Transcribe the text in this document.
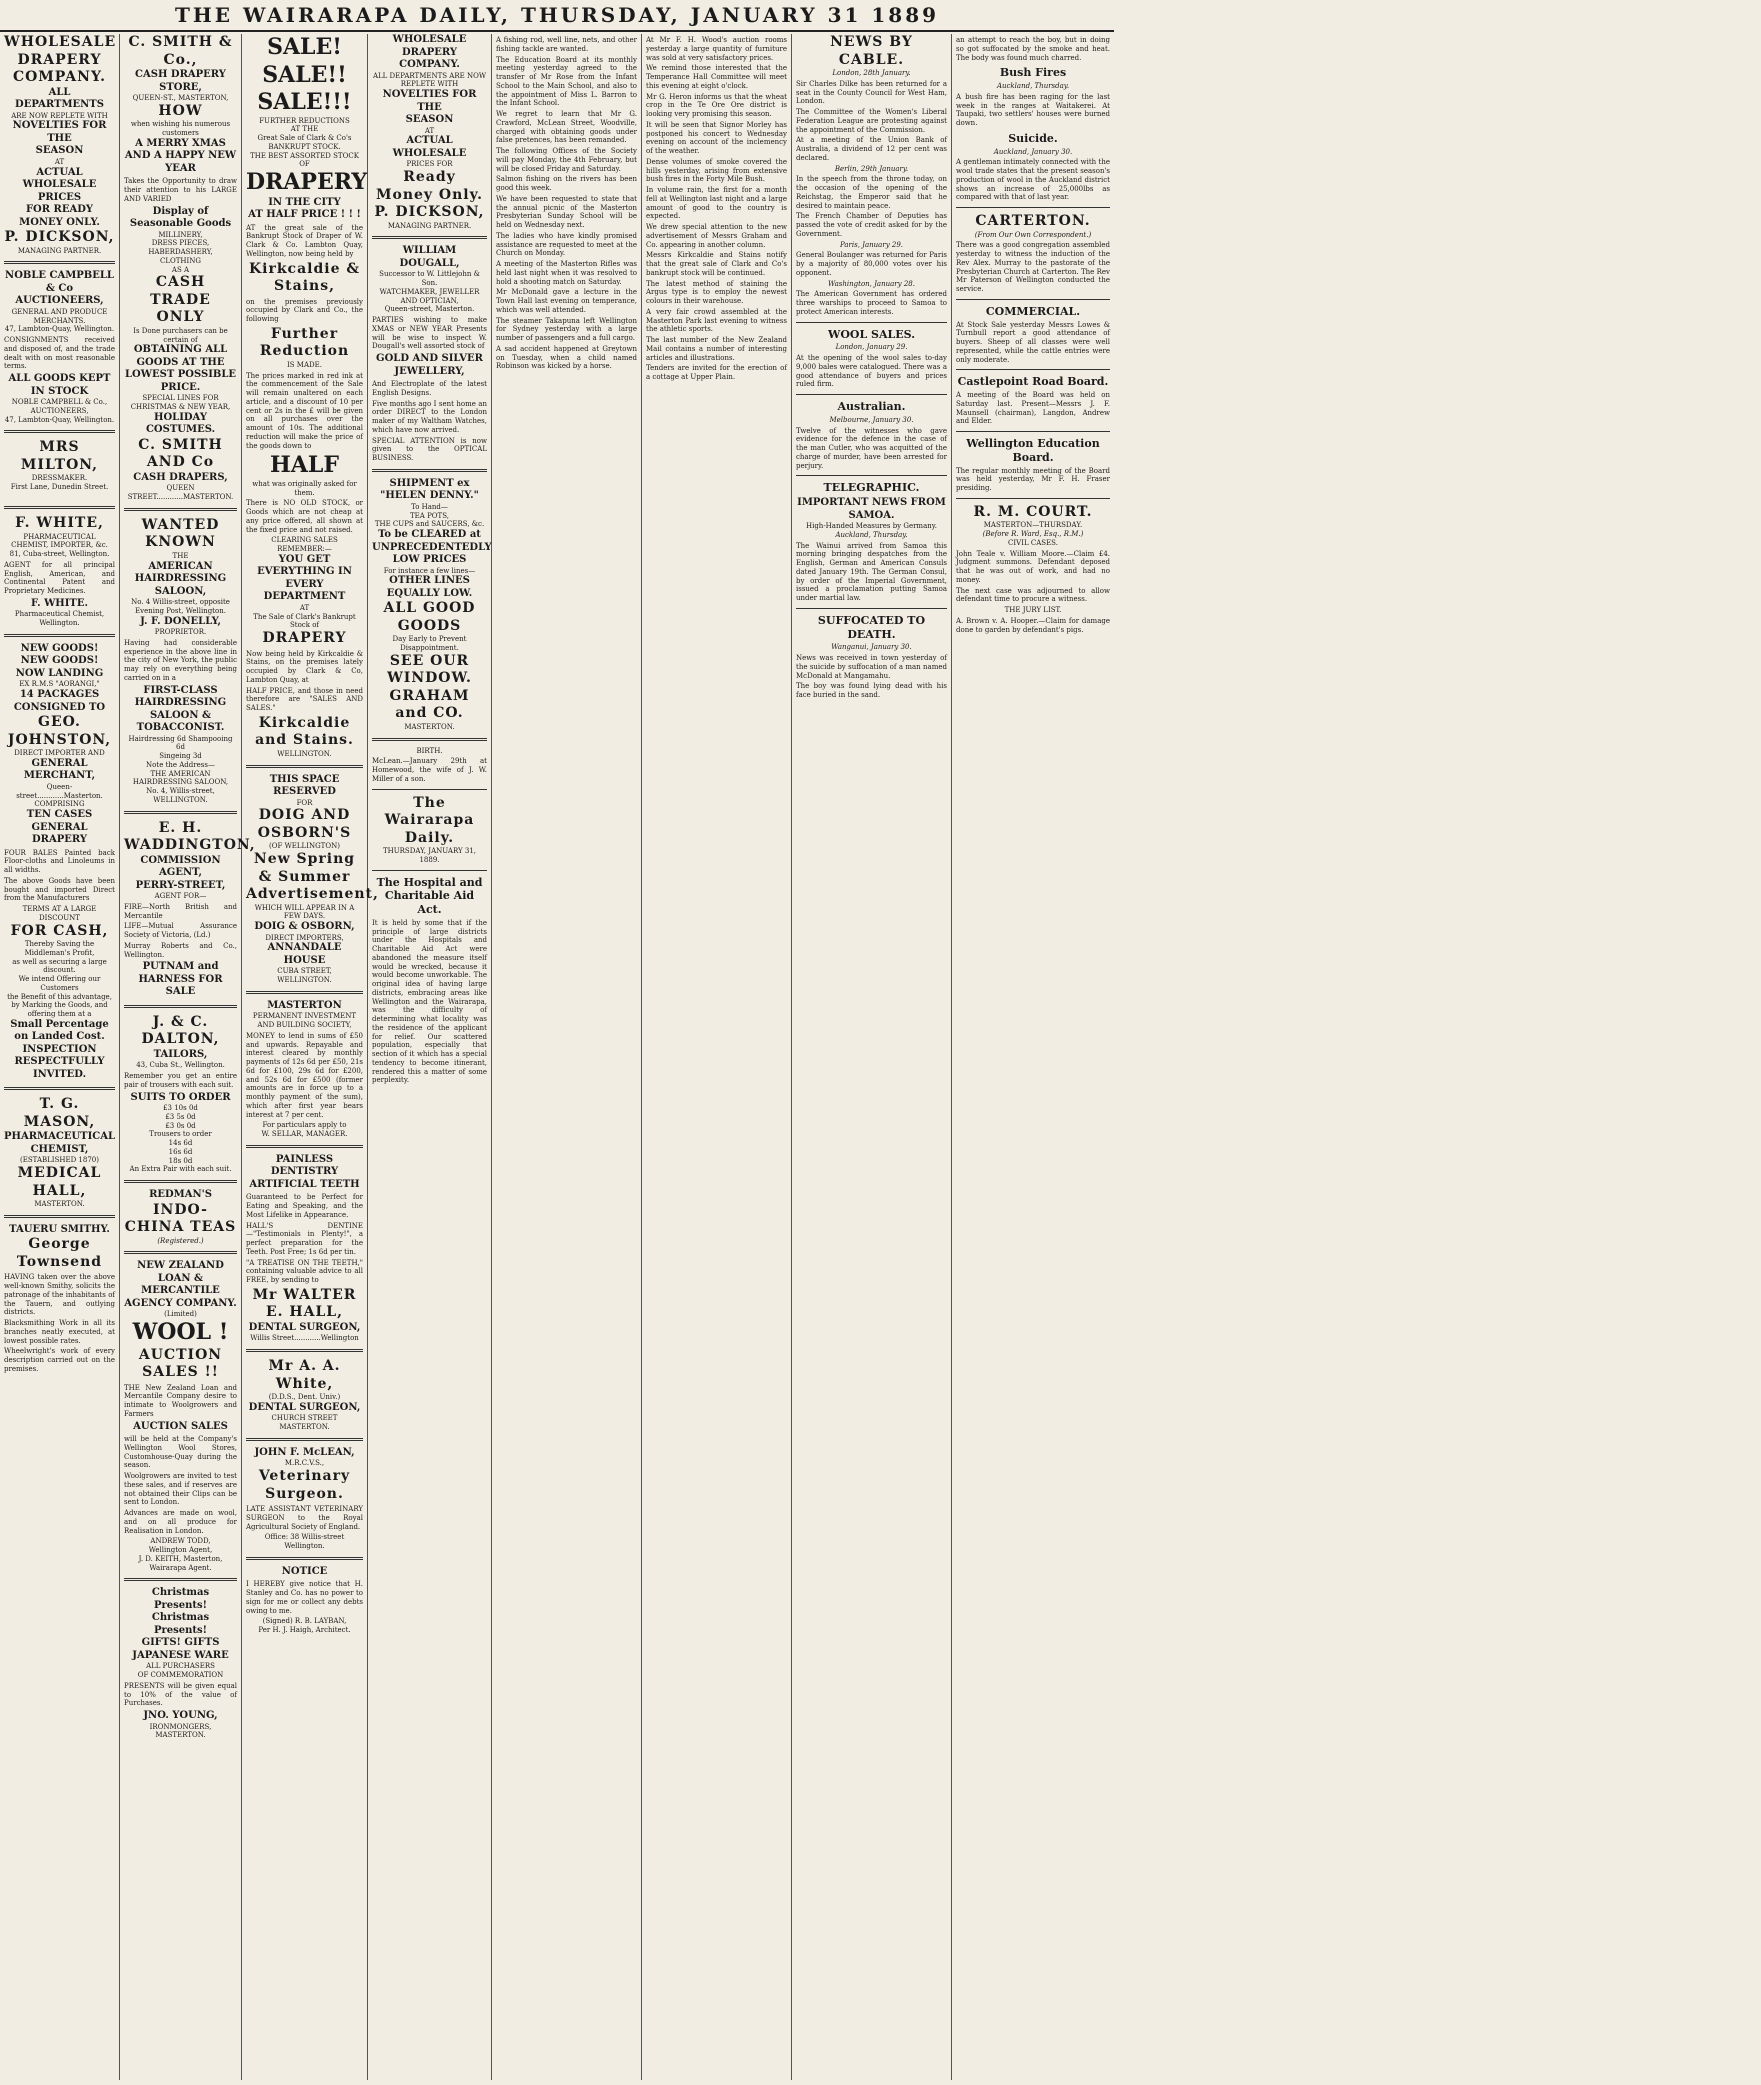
THE WAIRARAPA DAILY, THURSDAY, JANUARY 31 1889
WHOLESALE
DRAPERY
COMPANY.
ALL DEPARTMENTS
ARE NOW REPLETE WITH
NOVELTIES FOR THE
SEASON
AT
ACTUAL WHOLESALE
PRICES
FOR READY MONEY ONLY.
P. DICKSON,
MANAGING PARTNER.
NOBLE CAMPBELL & Co
AUCTIONEERS,
GENERAL AND PRODUCE MERCHANTS.
47, Lambton-Quay, Wellington.
CONSIGNMENTS received and disposed of, and the trade dealt with on most reasonable terms.
ALL GOODS KEPT IN STOCK
NOBLE CAMPBELL & Co.,
AUCTIONEERS,
47, Lambton-Quay, Wellington.
MRS MILTON,
DRESSMAKER.
First Lane, Dunedin Street.

F. WHITE,
PHARMACEUTICAL CHEMIST, IMPORTER, &c.
81, Cuba-street, Wellington.
AGENT for all principal English, American, and Continental Patent and Proprietary Medicines.
F. WHITE.
Pharmaceutical Chemist, Wellington.
NEW GOODS!
NEW GOODS!
NOW LANDING
EX R.M.S "AORANGI,"
14 PACKAGES CONSIGNED TO
GEO. JOHNSTON,
DIRECT IMPORTER AND
GENERAL MERCHANT,
Queen-street............Masterton.
COMPRISING
TEN CASES GENERAL DRAPERY
FOUR BALES Painted back Floor-cloths and Linoleums in all widths.
The above Goods have been bought and imported Direct from the Manufacturers
TERMS AT A LARGE DISCOUNT
FOR CASH,
Thereby Saving the Middleman's Profit,
as well as securing a large discount.
We intend Offering our Customers
the Benefit of this advantage, by Marking the Goods, and offering them at a
Small Percentage on Landed Cost.
INSPECTION RESPECTFULLY
INVITED.
T. G. MASON,
PHARMACEUTICAL CHEMIST,
(ESTABLISHED 1870)
MEDICAL HALL,
MASTERTON.
TAUERU SMITHY.
George Townsend
HAVING taken over the above well-known Smithy, solicits the patronage of the inhabitants of the Tauern, and outlying districts.
Blacksmithing Work in all its branches neatly executed, at lowest possible rates.
Wheelwright's work of every description carried out on the premises.
C. SMITH & Co.,
CASH DRAPERY STORE,
QUEEN-ST., MASTERTON,
HOW
when wishing his numerous customers
A MERRY XMAS AND A HAPPY NEW YEAR
Takes the Opportunity to draw their attention to his LARGE AND VARIED
Display of Seasonable Goods
MILLINERY,
DRESS PIECES,
HABERDASHERY,
CLOTHING
AS A
CASH TRADE ONLY
Is Done purchasers can be certain of
OBTAINING ALL GOODS AT THE LOWEST POSSIBLE PRICE.
SPECIAL LINES FOR CHRISTMAS & NEW YEAR,
HOLIDAY COSTUMES.
C. SMITH AND Co
CASH DRAPERS,
QUEEN STREET............MASTERTON.
WANTED KNOWN
THE
AMERICAN HAIRDRESSING
SALOON,
No. 4 Willis-street, opposite Evening Post, Wellington.
J. F. DONELLY,
PROPRIETOR.
Having had considerable experience in the above line in the city of New York, the public may rely on everything being carried on in a
FIRST-CLASS HAIRDRESSING SALOON & TOBACCONIST.
Hairdressing 6d Shampooing 6d
Singeing 3d
Note the Address—
THE AMERICAN HAIRDRESSING SALOON,
No. 4, Willis-street,
WELLINGTON.
E. H. WADDINGTON,
COMMISSION AGENT,
PERRY-STREET,
AGENT FOR—
FIRE—North British and Mercantile
LIFE—Mutual Assurance Society of Victoria, (Ld.)
Murray Roberts and Co., Wellington.
PUTNAM and HARNESS FOR SALE
J. & C. DALTON,
TAILORS,
43, Cuba St., Wellington.
Remember you get an entire pair of trousers with each suit.
SUITS TO ORDER
£3 10s 0d
£3 5s 0d
£3 0s 0d
Trousers to order
14s 6d
16s 6d
18s 0d
An Extra Pair with each suit.
REDMAN'S
INDO-CHINA TEAS
(Registered.)
NEW ZEALAND LOAN & MERCANTILE AGENCY COMPANY.
(Limited)
WOOL !
AUCTION SALES !!
THE New Zealand Loan and Mercantile Company desire to intimate to Woolgrowers and Farmers
AUCTION SALES
will be held at the Company's Wellington Wool Stores, Customhouse-Quay during the season.
Woolgrowers are invited to test these sales, and if reserves are not obtained their Clips can be sent to London.
Advances are made on wool, and on all produce for Realisation in London.
ANDREW TODD,
Wellington Agent,
J. D. KEITH, Masterton, Wairarapa Agent.
Christmas Presents!
Christmas Presents!
GIFTS! GIFTS
JAPANESE WARE
ALL PURCHASERS
OF COMMEMORATION
PRESENTS will be given equal to 10% of the value of Purchases.
JNO. YOUNG,
IRONMONGERS, MASTERTON.
SALE!
SALE!!
SALE!!!
FURTHER REDUCTIONS
AT THE
Great Sale of Clark & Co's
BANKRUPT STOCK.
THE BEST ASSORTED STOCK
OF
DRAPERY
IN THE CITY
AT HALF PRICE ! ! !
AT the great sale of the Bankrupt Stock of Draper of W. Clark & Co. Lambton Quay, Wellington, now being held by
Kirkcaldie & Stains,
on the premises previously occupied by Clark and Co., the following
Further Reduction
IS MADE.
The prices marked in red ink at the commencement of the Sale will remain unaltered on each article, and a discount of 10 per cent or 2s in the £ will be given on all purchases over the amount of 10s. The additional reduction will make the price of the goods down to
HALF
what was originally asked for them.
There is NO OLD STOCK, or Goods which are not cheap at any price offered, all shown at the fixed price and not raised.
CLEARING SALES
REMEMBER:—
YOU GET EVERYTHING IN EVERY DEPARTMENT
AT
The Sale of Clark's Bankrupt Stock of
DRAPERY
Now being held by Kirkcaldie & Stains, on the premises lately occupied by Clark & Co, Lambton Quay, at
HALF PRICE, and those in need therefore are "SALES AND SALES."
Kirkcaldie and Stains.
WELLINGTON.
THIS SPACE RESERVED
FOR
DOIG AND OSBORN'S
(OF WELLINGTON)
New Spring & Summer
Advertisement,
WHICH WILL APPEAR IN A FEW DAYS.
DOIG & OSBORN,
DIRECT IMPORTERS,
ANNANDALE HOUSE
CUBA STREET,
WELLINGTON.
MASTERTON
PERMANENT INVESTMENT AND BUILDING SOCIETY,
MONEY to lend in sums of £50 and upwards. Repayable and interest cleared by monthly payments of 12s 6d per £50, 21s 6d for £100, 29s 6d for £200, and 52s 6d for £500 (former amounts are in force up to a monthly payment of the sum), which after first year bears interest at 7 per cent.
For particulars apply to
W. SELLAR, MANAGER.
PAINLESS DENTISTRY
ARTIFICIAL TEETH
Guaranteed to be Perfect for Eating and Speaking, and the Most Lifelike in Appearance.
HALL'S DENTINE—"Testimonials in Plenty!", a perfect preparation for the Teeth. Post Free; 1s 6d per tin.
"A TREATISE ON THE TEETH," containing valuable advice to all FREE, by sending to
Mr WALTER E. HALL,
DENTAL SURGEON,
Willis Street............Wellington
Mr A. A. White,
(D.D.S., Dent. Univ.)
DENTAL SURGEON,
CHURCH STREET MASTERTON.
JOHN F. McLEAN,
M.R.C.V.S.,
Veterinary Surgeon.
LATE ASSISTANT VETERINARY SURGEON to the Royal Agricultural Society of England.
Office: 38 Willis-street Wellington.
NOTICE
I HEREBY give notice that H. Stanley and Co. has no power to sign for me or collect any debts owing to me.
(Signed) R. B. LAYBAN,
Per H. J. Haigh, Architect.
WHOLESALE
DRAPERY
COMPANY.
ALL DEPARTMENTS ARE NOW REPLETE WITH
NOVELTIES FOR THE
SEASON
AT
ACTUAL WHOLESALE
PRICES FOR
Ready Money Only.
P. DICKSON,
MANAGING PARTNER.
WILLIAM DOUGALL,
Successor to W. Littlejohn & Son.
WATCHMAKER, JEWELLER AND OPTICIAN,
Queen-street, Masterton.
PARTIES wishing to make XMAS or NEW YEAR Presents will be wise to inspect W. Dougall's well assorted stock of
GOLD AND SILVER JEWELLERY,
And Electroplate of the latest English Designs.
Five months ago I sent home an order DIRECT to the London maker of my Waltham Watches, which have now arrived.
SPECIAL ATTENTION is now given to the OPTICAL BUSINESS.
SHIPMENT ex "HELEN DENNY."
To Hand—
TEA POTS,
THE CUPS and SAUCERS, &c.
To be CLEARED at UNPRECEDENTEDLY LOW PRICES
For instance a few lines—
OTHER LINES EQUALLY LOW.
ALL GOOD GOODS
Day Early to Prevent Disappointment.
SEE OUR WINDOW.
GRAHAM and CO.
MASTERTON.
BIRTH.
McLean.—January 29th at Homewood, the wife of J. W. Miller of a son.
The Wairarapa Daily.
THURSDAY, JANUARY 31, 1889.
The Hospital and Charitable Aid Act.
It is held by some that if the principle of large districts under the Hospitals and Charitable Aid Act were abandoned the measure itself would be wrecked, because it would become unworkable. The original idea of having large districts, embracing areas like Wellington and the Wairarapa, was the difficulty of determining what locality was the residence of the applicant for relief. Our scattered population, especially that section of it which has a special tendency to become itinerant, rendered this a matter of some perplexity.

A fishing rod, well line, nets, and other fishing tackle are wanted.
The Education Board at its monthly meeting yesterday agreed to the transfer of Mr Rose from the Infant School to the Main School, and also to the appointment of Miss L. Barron to the Infant School.
We regret to learn that Mr G. Crawford, McLean Street, Woodville, charged with obtaining goods under false pretences, has been remanded.
The following Offices of the Society will pay Monday, the 4th February, but will be closed Friday and Saturday.
Salmon fishing on the rivers has been good this week.
We have been requested to state that the annual picnic of the Masterton Presbyterian Sunday School will be held on Wednesday next.
The ladies who have kindly promised assistance are requested to meet at the Church on Monday.
A meeting of the Masterton Rifles was held last night when it was resolved to hold a shooting match on Saturday.
Mr McDonald gave a lecture in the Town Hall last evening on temperance, which was well attended.
The steamer Takapuna left Wellington for Sydney yesterday with a large number of passengers and a full cargo.
A sad accident happened at Greytown on Tuesday, when a child named Robinson was kicked by a horse.
At Mr F. H. Wood's auction rooms yesterday a large quantity of furniture was sold at very satisfactory prices.
We remind those interested that the Temperance Hall Committee will meet this evening at eight o'clock.
Mr G. Heron informs us that the wheat crop in the Te Ore Ore district is looking very promising this season.
It will be seen that Signor Morley has postponed his concert to Wednesday evening on account of the inclemency of the weather.
Dense volumes of smoke covered the hills yesterday, arising from extensive bush fires in the Forty Mile Bush.
In volume rain, the first for a month fell at Wellington last night and a large amount of good to the country is expected.
We drew special attention to the new advertisement of Messrs Graham and Co. appearing in another column.
Messrs Kirkcaldie and Stains notify that the great sale of Clark and Co's bankrupt stock will be continued.
The latest method of staining the Argus type is to employ the newest colours in their warehouse.
A very fair crowd assembled at the Masterton Park last evening to witness the athletic sports.
The last number of the New Zealand Mail contains a number of interesting articles and illustrations.
Tenders are invited for the erection of a cottage at Upper Plain.
NEWS BY CABLE.
London, 28th January.
Sir Charles Dilke has been returned for a seat in the County Council for West Ham, London.
The Committee of the Women's Liberal Federation League are protesting against the appointment of the Commission.
At a meeting of the Union Bank of Australia, a dividend of 12 per cent was declared.
Berlin, 29th January.
In the speech from the throne today, on the occasion of the opening of the Reichstag, the Emperor said that he desired to maintain peace.
The French Chamber of Deputies has passed the vote of credit asked for by the Government.
Paris, January 29.
General Boulanger was returned for Paris by a majority of 80,000 votes over his opponent.
Washington, January 28.
The American Government has ordered three warships to proceed to Samoa to protect American interests.
WOOL SALES.
London, January 29.
At the opening of the wool sales to-day 9,000 bales were catalogued. There was a good attendance of buyers and prices ruled firm.
Australian.
Melbourne, January 30.
Twelve of the witnesses who gave evidence for the defence in the case of the man Cutler, who was acquitted of the charge of murder, have been arrested for perjury.
TELEGRAPHIC.
IMPORTANT NEWS FROM SAMOA.
High-Handed Measures by Germany.
Auckland, Thursday.
The Wainui arrived from Samoa this morning bringing despatches from the English, German and American Consuls dated January 19th. The German Consul, by order of the Imperial Government, issued a proclamation putting Samoa under martial law.
SUFFOCATED TO DEATH.
Wanganui, January 30.
News was received in town yesterday of the suicide by suffocation of a man named McDonald at Mangamahu.
The boy was found lying dead with his face buried in the sand.
an attempt to reach the boy, but in doing so got suffocated by the smoke and heat. The body was found much charred.
Bush Fires
Auckland, Thursday.
A bush fire has been raging for the last week in the ranges at Waitakerei. At Taupaki, two settlers' houses were burned down.
Suicide.
Auckland, January 30.
A gentleman intimately connected with the wool trade states that the present season's production of wool in the Auckland district shows an increase of 25,000lbs as compared with that of last year.
CARTERTON.
(From Our Own Correspondent.)
There was a good congregation assembled yesterday to witness the induction of the Rev Alex. Murray to the pastorate of the Presbyterian Church at Carterton. The Rev Mr Paterson of Wellington conducted the service.
COMMERCIAL.
At Stock Sale yesterday Messrs Lowes & Turnbull report a good attendance of buyers. Sheep of all classes were well represented, while the cattle entries were only moderate.
Castlepoint Road Board.
A meeting of the Board was held on Saturday last. Present—Messrs J. F. Maunsell (chairman), Langdon, Andrew and Elder.
Wellington Education Board.
The regular monthly meeting of the Board was held yesterday, Mr F. H. Fraser presiding.
R. M. COURT.
MASTERTON—THURSDAY.
(Before R. Ward, Esq., R.M.)
CIVIL CASES.
John Teale v. William Moore.—Claim £4. Judgment summons. Defendant deposed that he was out of work, and had no money.
The next case was adjourned to allow defendant time to procure a witness.
THE JURY LIST.
A. Brown v. A. Hooper.—Claim for damage done to garden by defendant's pigs.
